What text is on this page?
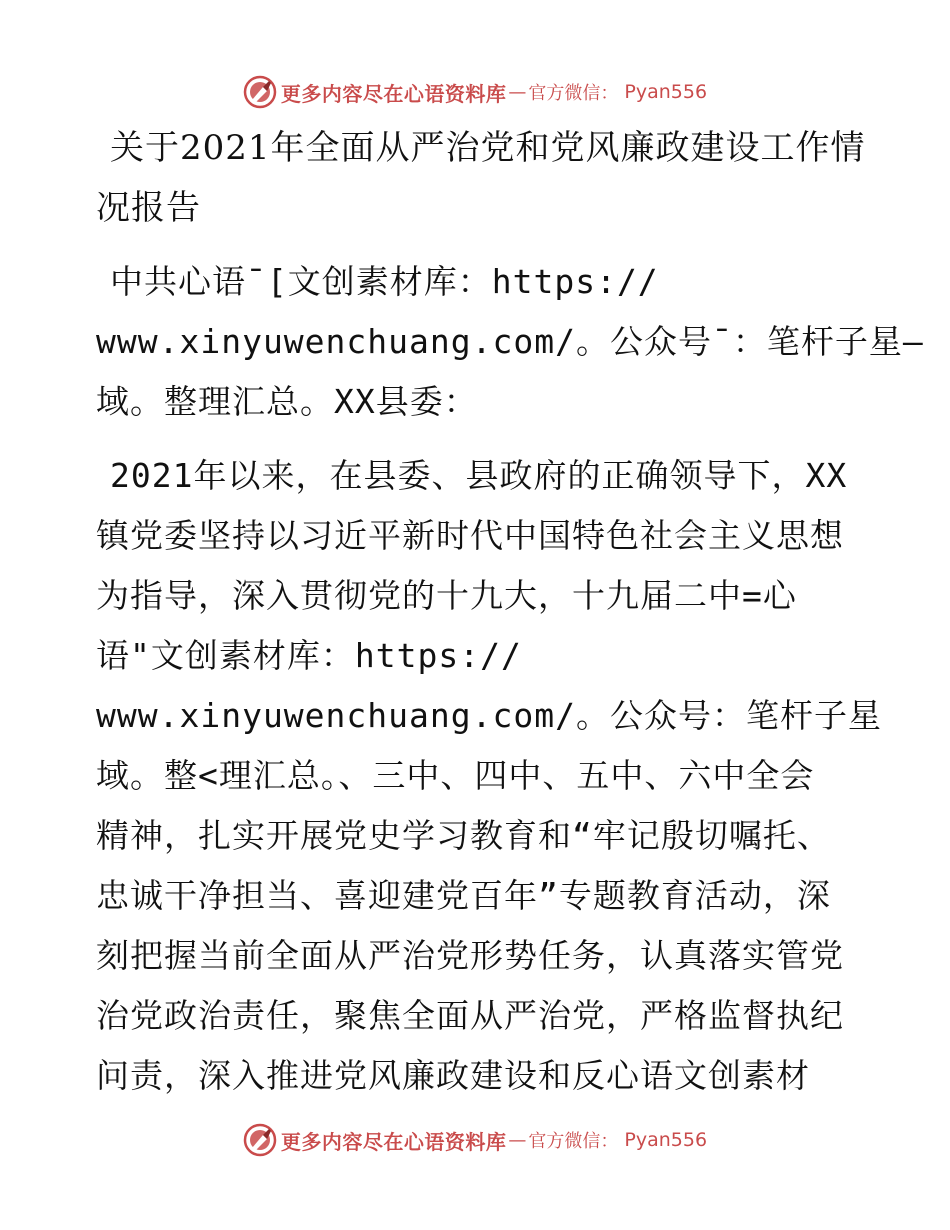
更多内容尽在心语资料库 — 官方微信： Pyan556
关于2021年全面从严治党和党风廉政建设工作情
况报告
中共心语¯[文创素材库：https://
www.xinyuwenchuang.com/。公众号¯：笔杆子星—
域。整理汇总。XX县委：
2021年以来，在县委、县政府的正确领导下，XX
镇党委坚持以习近平新时代中国特色社会主义思想
为指导，深入贯彻党的十九大，十九届二中=心
语"文创素材库：https://
www.xinyuwenchuang.com/。公众号：笔杆子星
域。整<理汇总。、三中、四中、五中、六中全会
精神，扎实开展党史学习教育和“牢记殷切嘱托、
忠诚干净担当、喜迎建党百年”专题教育活动，深
刻把握当前全面从严治党形势任务，认真落实管党
治党政治责任，聚焦全面从严治党，严格监督执纪
问责，深入推进党风廉政建设和反心语文创素材
更多内容尽在心语资料库 — 官方微信： Pyan556
